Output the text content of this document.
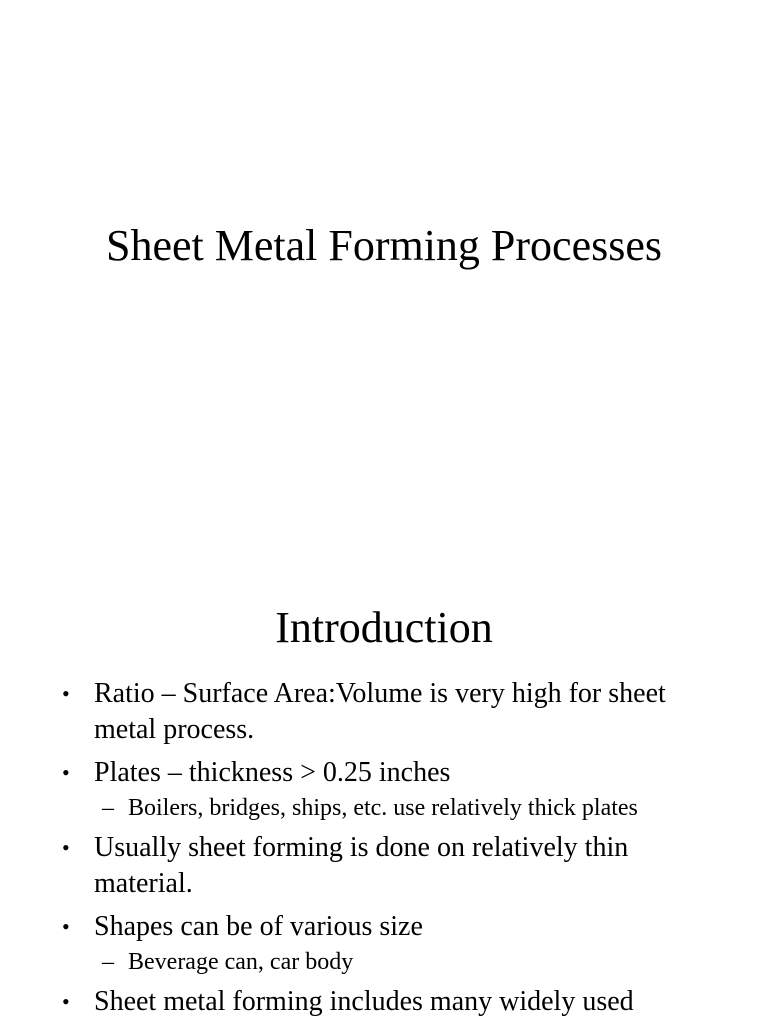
Sheet Metal Forming Processes
Introduction
• Ratio – Surface Area:Volume is very high for sheet metal process.
• Plates – thickness > 0.25 inches
– Boilers, bridges, ships, etc. use relatively thick plates
• Usually sheet forming is done on relatively thin material.
• Shapes can be of various size
– Beverage can, car body
• Sheet metal forming includes many widely used
